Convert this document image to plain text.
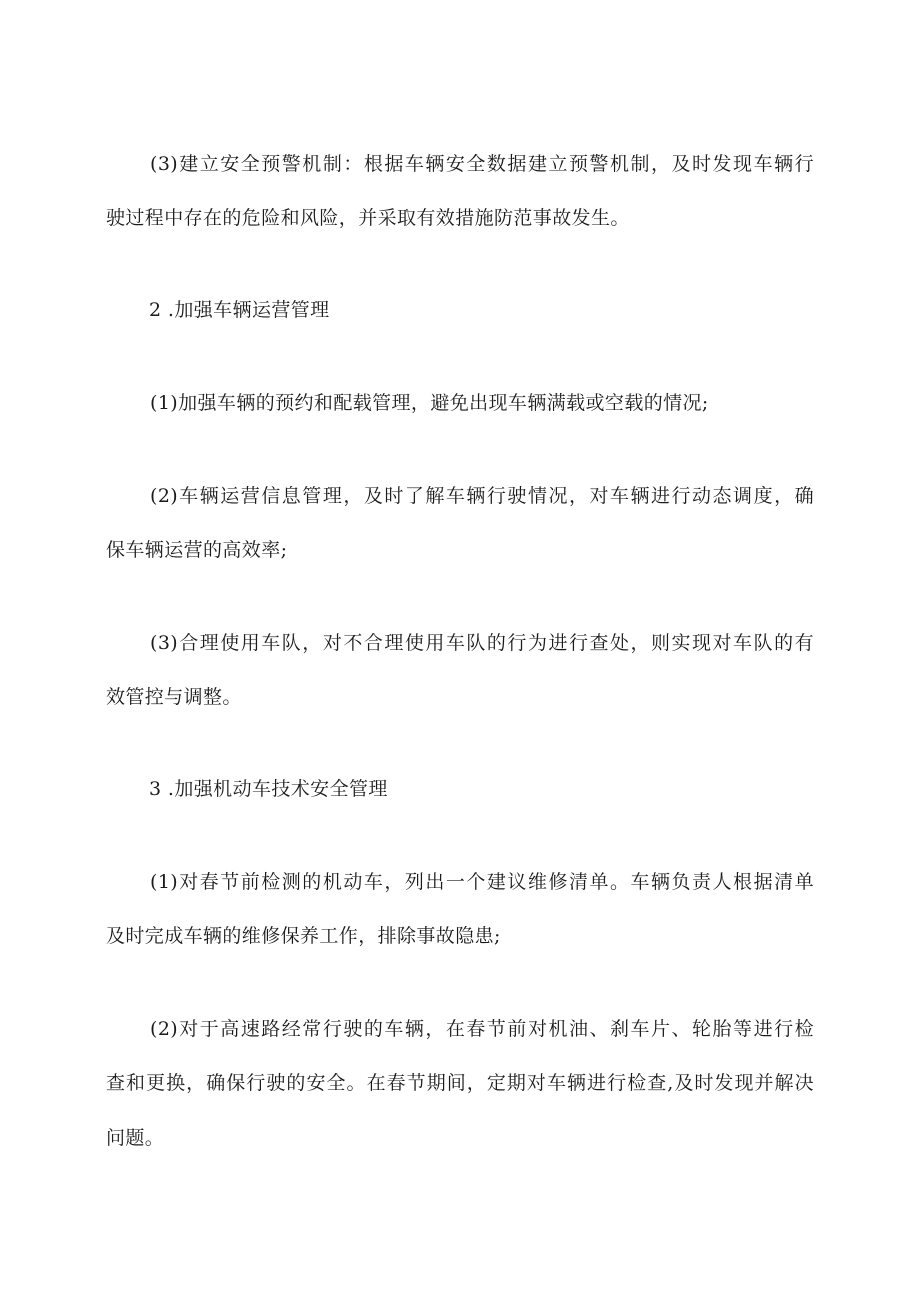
(3)建立安全预警机制：根据车辆安全数据建立预警机制，及时发现车辆行
驶过程中存在的危险和风险，并采取有效措施防范事故发生。
2 .加强车辆运营管理
(1)加强车辆的预约和配载管理，避免出现车辆满载或空载的情况;
(2)车辆运营信息管理，及时了解车辆行驶情况，对车辆进行动态调度，确
保车辆运营的高效率;
(3)合理使用车队，对不合理使用车队的行为进行查处，则实现对车队的有
效管控与调整。
3 .加强机动车技术安全管理
(1)对春节前检测的机动车，列出一个建议维修清单。车辆负责人根据清单
及时完成车辆的维修保养工作，排除事故隐患;
(2)对于高速路经常行驶的车辆，在春节前对机油、刹车片、轮胎等进行检
查和更换，确保行驶的安全。在春节期间，定期对车辆进行检查,及时发现并解决
问题。
